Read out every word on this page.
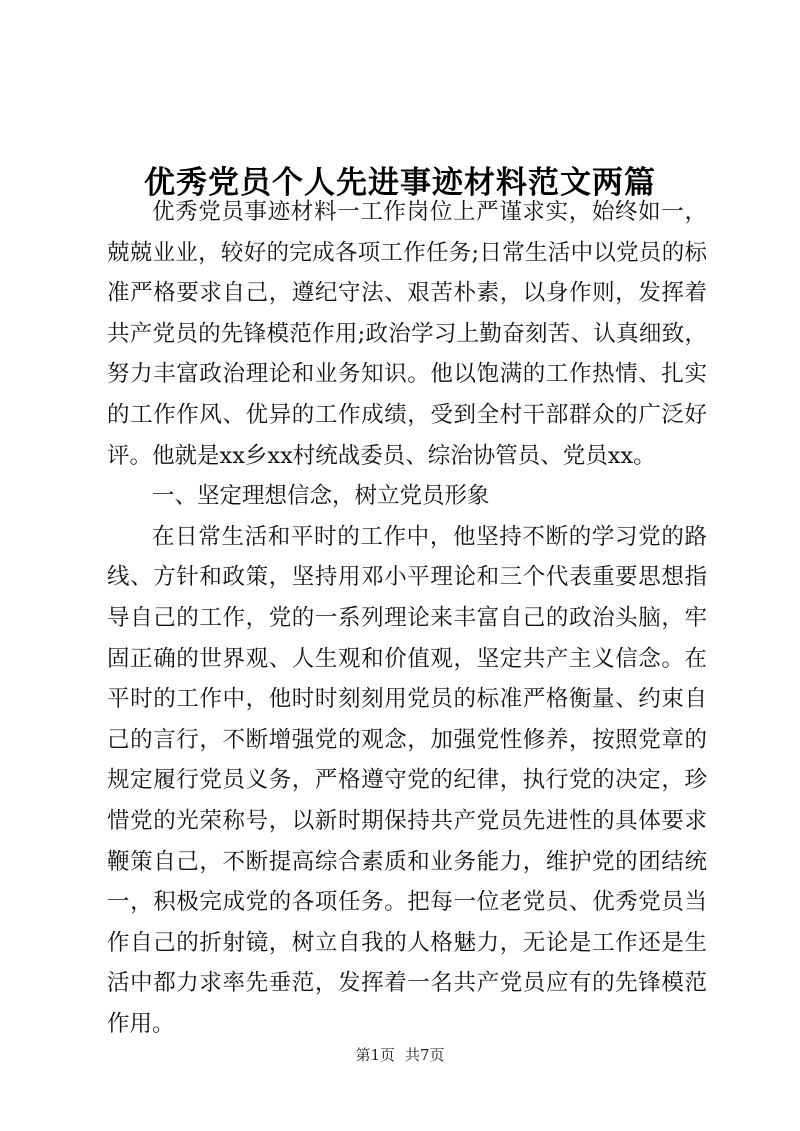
优秀党员个人先进事迹材料范文两篇

优秀党员事迹材料一工作岗位上严谨求实，始终如一，兢兢业业，较好的完成各项工作任务;日常生活中以党员的标准严格要求自己，遵纪守法、艰苦朴素，以身作则，发挥着共产党员的先锋模范作用;政治学习上勤奋刻苦、认真细致，努力丰富政治理论和业务知识。他以饱满的工作热情、扎实的工作作风、优异的工作成绩，受到全村干部群众的广泛好评。他就是xx乡xx村统战委员、综治协管员、党员xx。

一、坚定理想信念，树立党员形象

在日常生活和平时的工作中，他坚持不断的学习党的路线、方针和政策，坚持用邓小平理论和三个代表重要思想指导自己的工作，党的一系列理论来丰富自己的政治头脑，牢固正确的世界观、人生观和价值观，坚定共产主义信念。在平时的工作中，他时时刻刻用党员的标准严格衡量、约束自己的言行，不断增强党的观念，加强党性修养，按照党章的规定履行党员义务，严格遵守党的纪律，执行党的决定，珍惜党的光荣称号，以新时期保持共产党员先进性的具体要求鞭策自己，不断提高综合素质和业务能力，维护党的团结统一，积极完成党的各项任务。把每一位老党员、优秀党员当作自己的折射镜，树立自我的人格魅力，无论是工作还是生活中都力求率先垂范，发挥着一名共产党员应有的先锋模范作用。

第1页 共7页
